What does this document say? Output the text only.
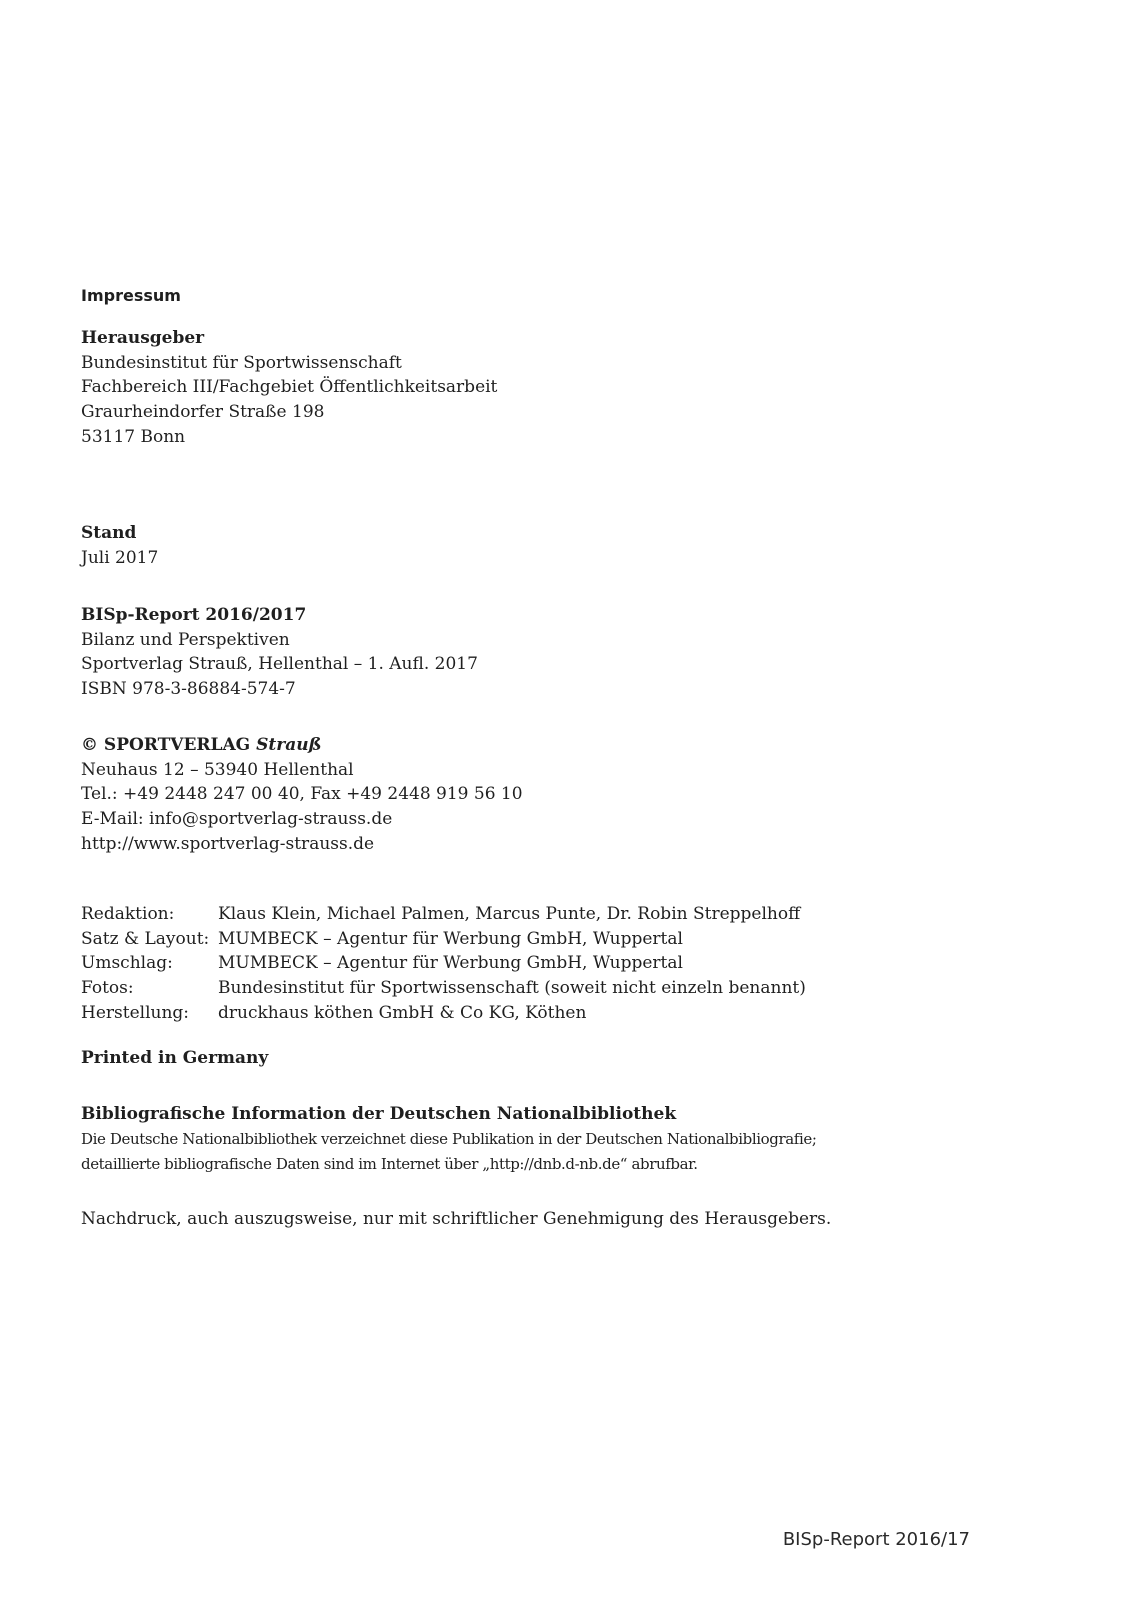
Impressum
Herausgeber
Bundesinstitut für Sportwissenschaft
Fachbereich III/Fachgebiet Öffentlichkeitsarbeit
Graurheindorfer Straße 198
53117 Bonn
Stand
Juli 2017
BISp-Report 2016/2017
Bilanz und Perspektiven
Sportverlag Strauß, Hellenthal – 1. Aufl. 2017
ISBN 978-3-86884-574-7
© SPORTVERLAG Strauß
Neuhaus 12 – 53940 Hellenthal
Tel.: +49 2448 247 00 40, Fax +49 2448 919 56 10
E-Mail: info@sportverlag-strauss.de
http://www.sportverlag-strauss.de
Redaktion:	Klaus Klein, Michael Palmen, Marcus Punte, Dr. Robin Streppelhoff
Satz & Layout:	MUMBECK – Agentur für Werbung GmbH, Wuppertal
Umschlag:	MUMBECK – Agentur für Werbung GmbH, Wuppertal
Fotos:	Bundesinstitut für Sportwissenschaft (soweit nicht einzeln benannt)
Herstellung:	druckhaus köthen GmbH & Co KG, Köthen
Printed in Germany
Bibliografische Information der Deutschen Nationalbibliothek
Die Deutsche Nationalbibliothek verzeichnet diese Publikation in der Deutschen Nationalbibliografie;
detaillierte bibliografische Daten sind im Internet über „http://dnb.d-nb.de“ abrufbar.
Nachdruck, auch auszugsweise, nur mit schriftlicher Genehmigung des Herausgebers.
BISp-Report 2016/17
